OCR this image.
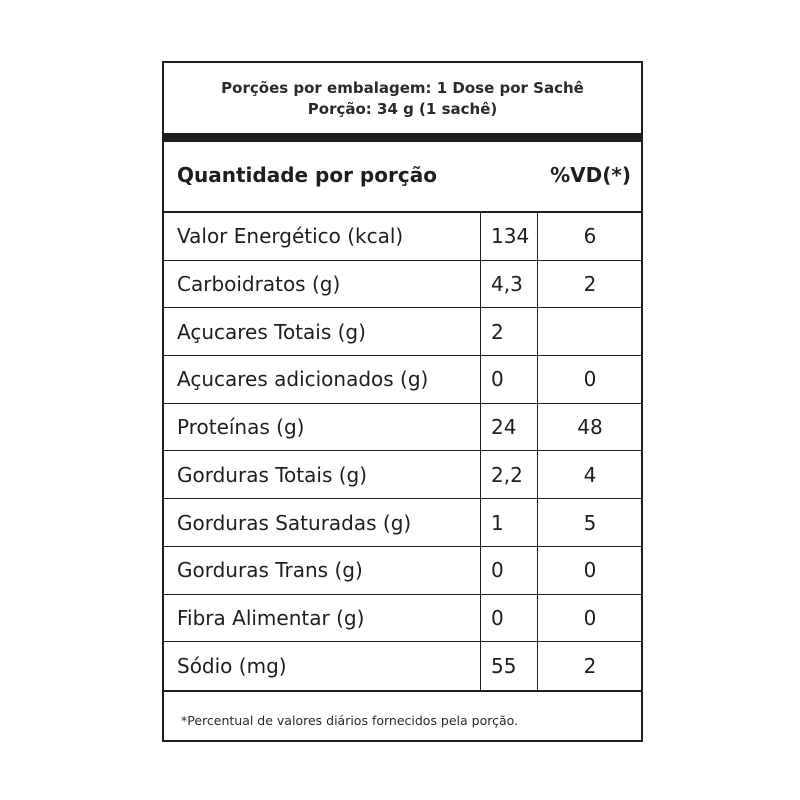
Porções por embalagem: 1 Dose por Sachê
Porção: 34 g (1 sachê)
Quantidade por porção	%VD(*)
Valor Energético (kcal)	134	6
Carboidratos (g)	4,3	2
Açucares Totais (g)	2
Açucares adicionados (g)	0	0
Proteínas (g)	24	48
Gorduras Totais (g)	2,2	4
Gorduras Saturadas (g)	1	5
Gorduras Trans (g)	0	0
Fibra Alimentar (g)	0	0
Sódio (mg)	55	2
*Percentual de valores diários fornecidos pela porção.
